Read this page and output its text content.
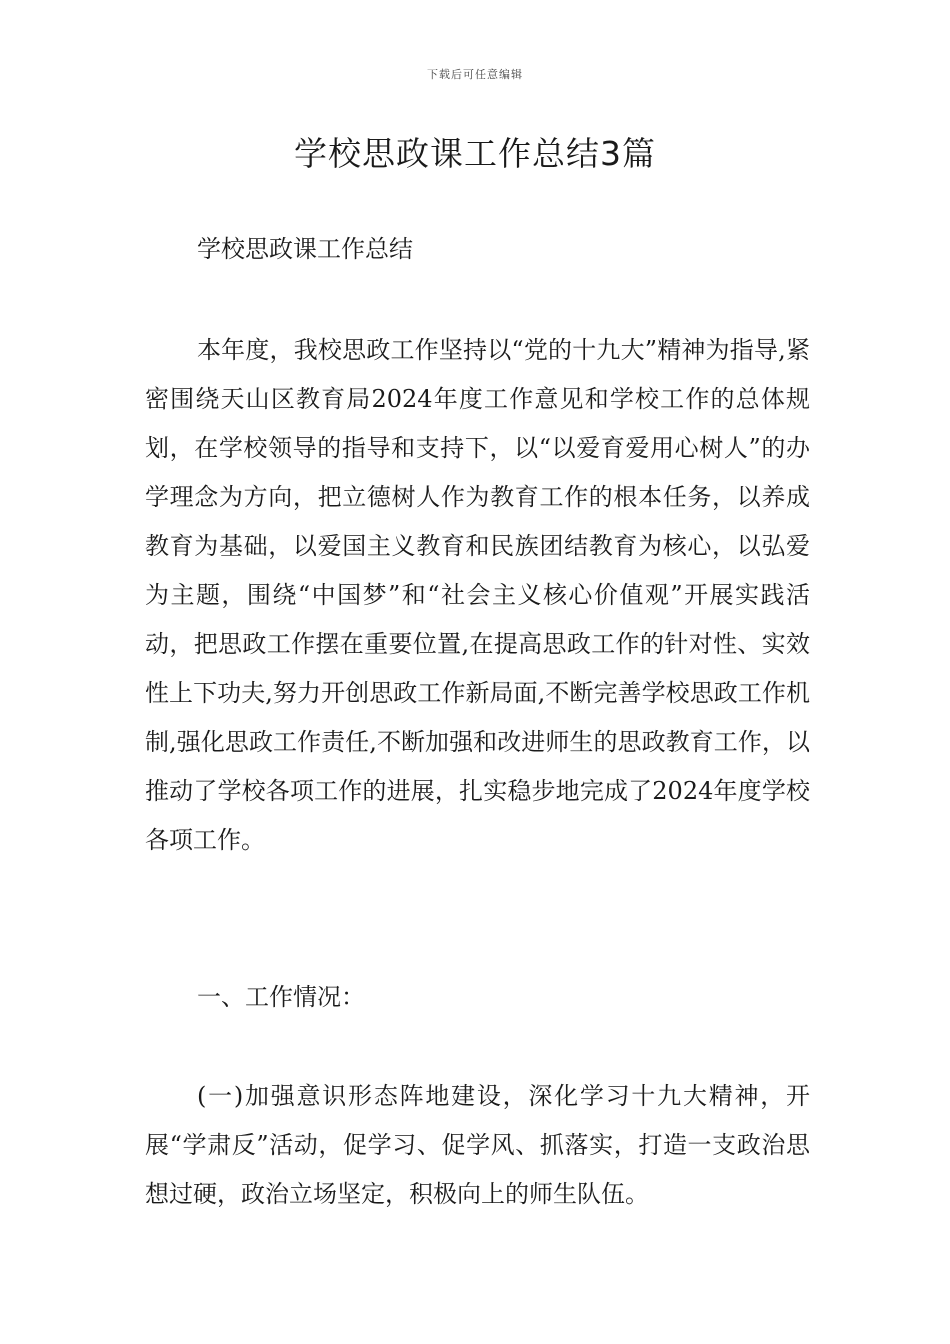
下载后可任意编辑
学校思政课工作总结3篇

学校思政课工作总结

本年度，我校思政工作坚持以“党的十九大”精神为指导,紧密围绕天山区教育局2024年度工作意见和学校工作的总体规划，在学校领导的指导和支持下，以“以爱育爱用心树人”的办学理念为方向，把立德树人作为教育工作的根本任务，以养成教育为基础，以爱国主义教育和民族团结教育为核心，以弘爱为主题，围绕“中国梦”和“社会主义核心价值观”开展实践活动，把思政工作摆在重要位置,在提高思政工作的针对性、实效性上下功夫,努力开创思政工作新局面,不断完善学校思政工作机制,强化思政工作责任,不断加强和改进师生的思政教育工作，以推动了学校各项工作的进展，扎实稳步地完成了2024年度学校各项工作。

一、工作情况：

(一)加强意识形态阵地建设，深化学习十九大精神，开展“学肃反”活动，促学习、促学风、抓落实，打造一支政治思想过硬，政治立场坚定，积极向上的师生队伍。
